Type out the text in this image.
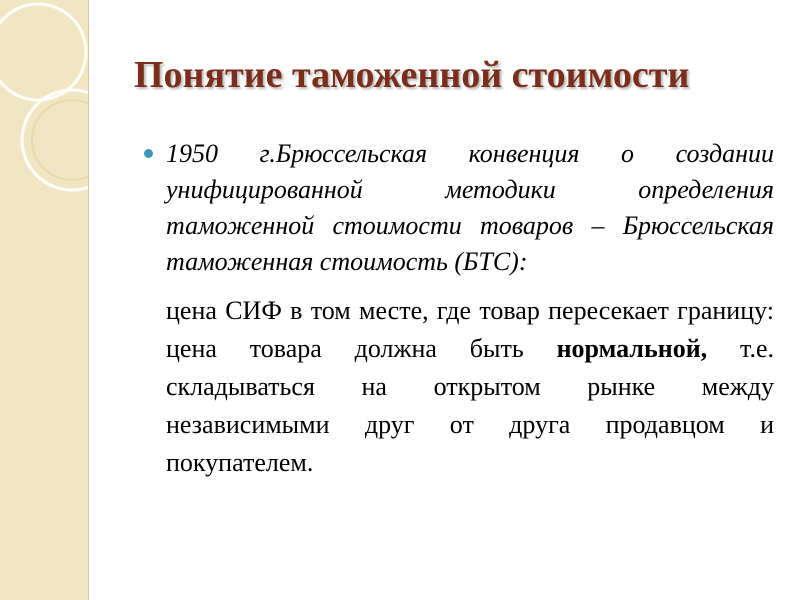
Понятие таможенной стоимости
1950 г.Брюссельская конвенция о создании унифицированной методики определения таможенной стоимости товаров – Брюссельская таможенная стоимость (БТС):

цена СИФ в том месте, где товар пересекает границу: цена товара должна быть нормальной, т.е. складываться на открытом рынке между независимыми друг от друга продавцом и покупателем.
